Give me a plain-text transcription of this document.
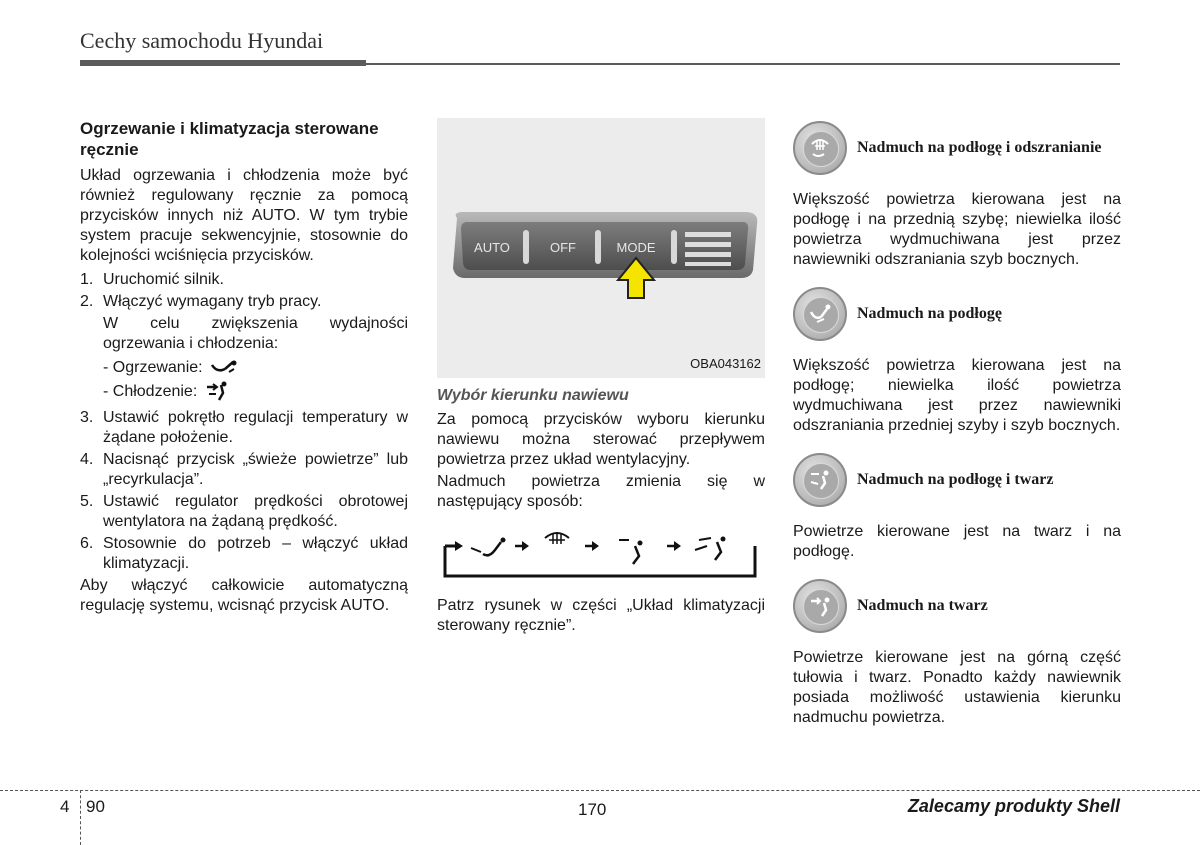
Cechy samochodu Hyundai
Ogrzewanie i klimatyzacja sterowane ręcznie

Układ ogrzewania i chłodzenia może być również regulowany ręcznie za pomocą przycisków innych niż AUTO. W tym trybie system pracuje sekwencyjnie, stosownie do kolejności wciśnięcia przycisków.

1. Uruchomić silnik.
2. Włączyć wymagany tryb pracy.

W celu zwiększenia wydajności ogrzewania i chłodzenia:

- Ogrzewanie:
- Chłodzenie:
3. Ustawić pokrętło regulacji temperatury w żądane położenie.
4. Nacisnąć przycisk „świeże powietrze” lub „recyrkulacja”.
5. Ustawić regulator prędkości obrotowej wentylatora na żądaną prędkość.
6. Stosownie do potrzeb – włączyć układ klimatyzacji.

Aby włączyć całkowicie automatyczną regulację systemu, wcisnąć przycisk AUTO.

AUTO	OFF	MODE
OBA043162
Wybór kierunku nawiewu

Za pomocą przycisków wyboru kierunku nawiewu można sterować przepływem powietrza przez układ wentylacyjny.

Nadmuch powietrza zmienia się w następujący sposób:

Patrz rysunek w części „Układ klimatyzacji sterowany ręcznie”.

Nadmuch na podłogę i odszranianie

Większość powietrza kierowana jest na podłogę i na przednią szybę; niewielka ilość powietrza wydmuchiwana jest przez nawiewniki odszraniania szyb bocznych.

Nadmuch na podłogę

Większość powietrza kierowana jest na podłogę; niewielka ilość powietrza wydmuchiwana jest przez nawiewniki odszraniania przedniej szyby i szyb bocznych.

Nadmuch na podłogę i twarz

Powietrze kierowane jest na twarz i na podłogę.

Nadmuch na twarz

Powietrze kierowane jest na górną część tułowia i twarz. Ponadto każdy nawiewnik posiada możliwość ustawienia kierunku nadmuchu powietrza.

4 90	170	Zalecamy produkty Shell
